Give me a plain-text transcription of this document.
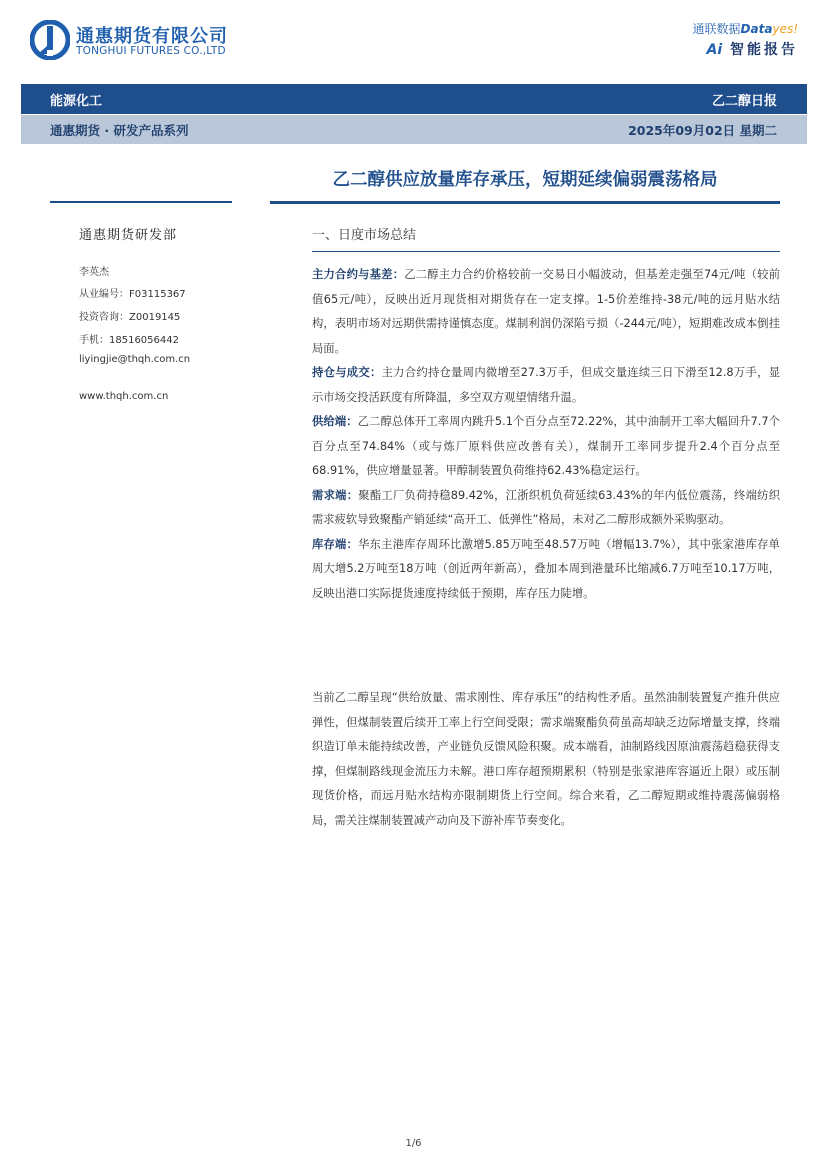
通惠期货有限公司
TONGHUI FUTURES CO.,LTD
通联数据Datayes!
Ai 智能报告
能源化工	乙二醇日报
通惠期货 · 研发产品系列	2025年09月02日 星期二
乙二醇供应放量库存承压，短期延续偏弱震荡格局
通惠期货研发部
李英杰
从业编号：F03115367
投资咨询：Z0019145
手机：18516056442
liyingjie@thqh.com.cn
www.thqh.com.cn
一、日度市场总结

主力合约与基差：乙二醇主力合约价格较前一交易日小幅波动，但基差走强至74元/吨（较前值65元/吨），反映出近月现货相对期货存在一定支撑。1-5价差维持-38元/吨的远月贴水结构，表明市场对远期供需持谨慎态度。煤制利润仍深陷亏损（-244元/吨），短期难改成本倒挂局面。

持仓与成交：主力合约持仓量周内微增至27.3万手，但成交量连续三日下滑至12.8万手，显示市场交投活跃度有所降温，多空双方观望情绪升温。

供给端：乙二醇总体开工率周内跳升5.1个百分点至72.22%，其中油制开工率大幅回升7.7个百分点至74.84%（或与炼厂原料供应改善有关），煤制开工率同步提升2.4个百分点至68.91%，供应增量显著。甲醇制装置负荷维持62.43%稳定运行。

需求端：聚酯工厂负荷持稳89.42%，江浙织机负荷延续63.43%的年内低位震荡，终端纺织需求疲软导致聚酯产销延续“高开工、低弹性”格局，未对乙二醇形成额外采购驱动。

库存端：华东主港库存周环比激增5.85万吨至48.57万吨（增幅13.7%），其中张家港库存单周大增5.2万吨至18万吨（创近两年新高），叠加本周到港量环比缩减6.7万吨至10.17万吨，反映出港口实际提货速度持续低于预期，库存压力陡增。

当前乙二醇呈现“供给放量、需求刚性、库存承压”的结构性矛盾。虽然油制装置复产推升供应弹性，但煤制装置后续开工率上行空间受限；需求端聚酯负荷虽高却缺乏边际增量支撑，终端织造订单未能持续改善，产业链负反馈风险积聚。成本端看，油制路线因原油震荡趋稳获得支撑，但煤制路线现金流压力未解。港口库存超预期累积（特别是张家港库容逼近上限）或压制现货价格，而远月贴水结构亦限制期货上行空间。综合来看，乙二醇短期或维持震荡偏弱格局，需关注煤制装置减产动向及下游补库节奏变化。
1/6
